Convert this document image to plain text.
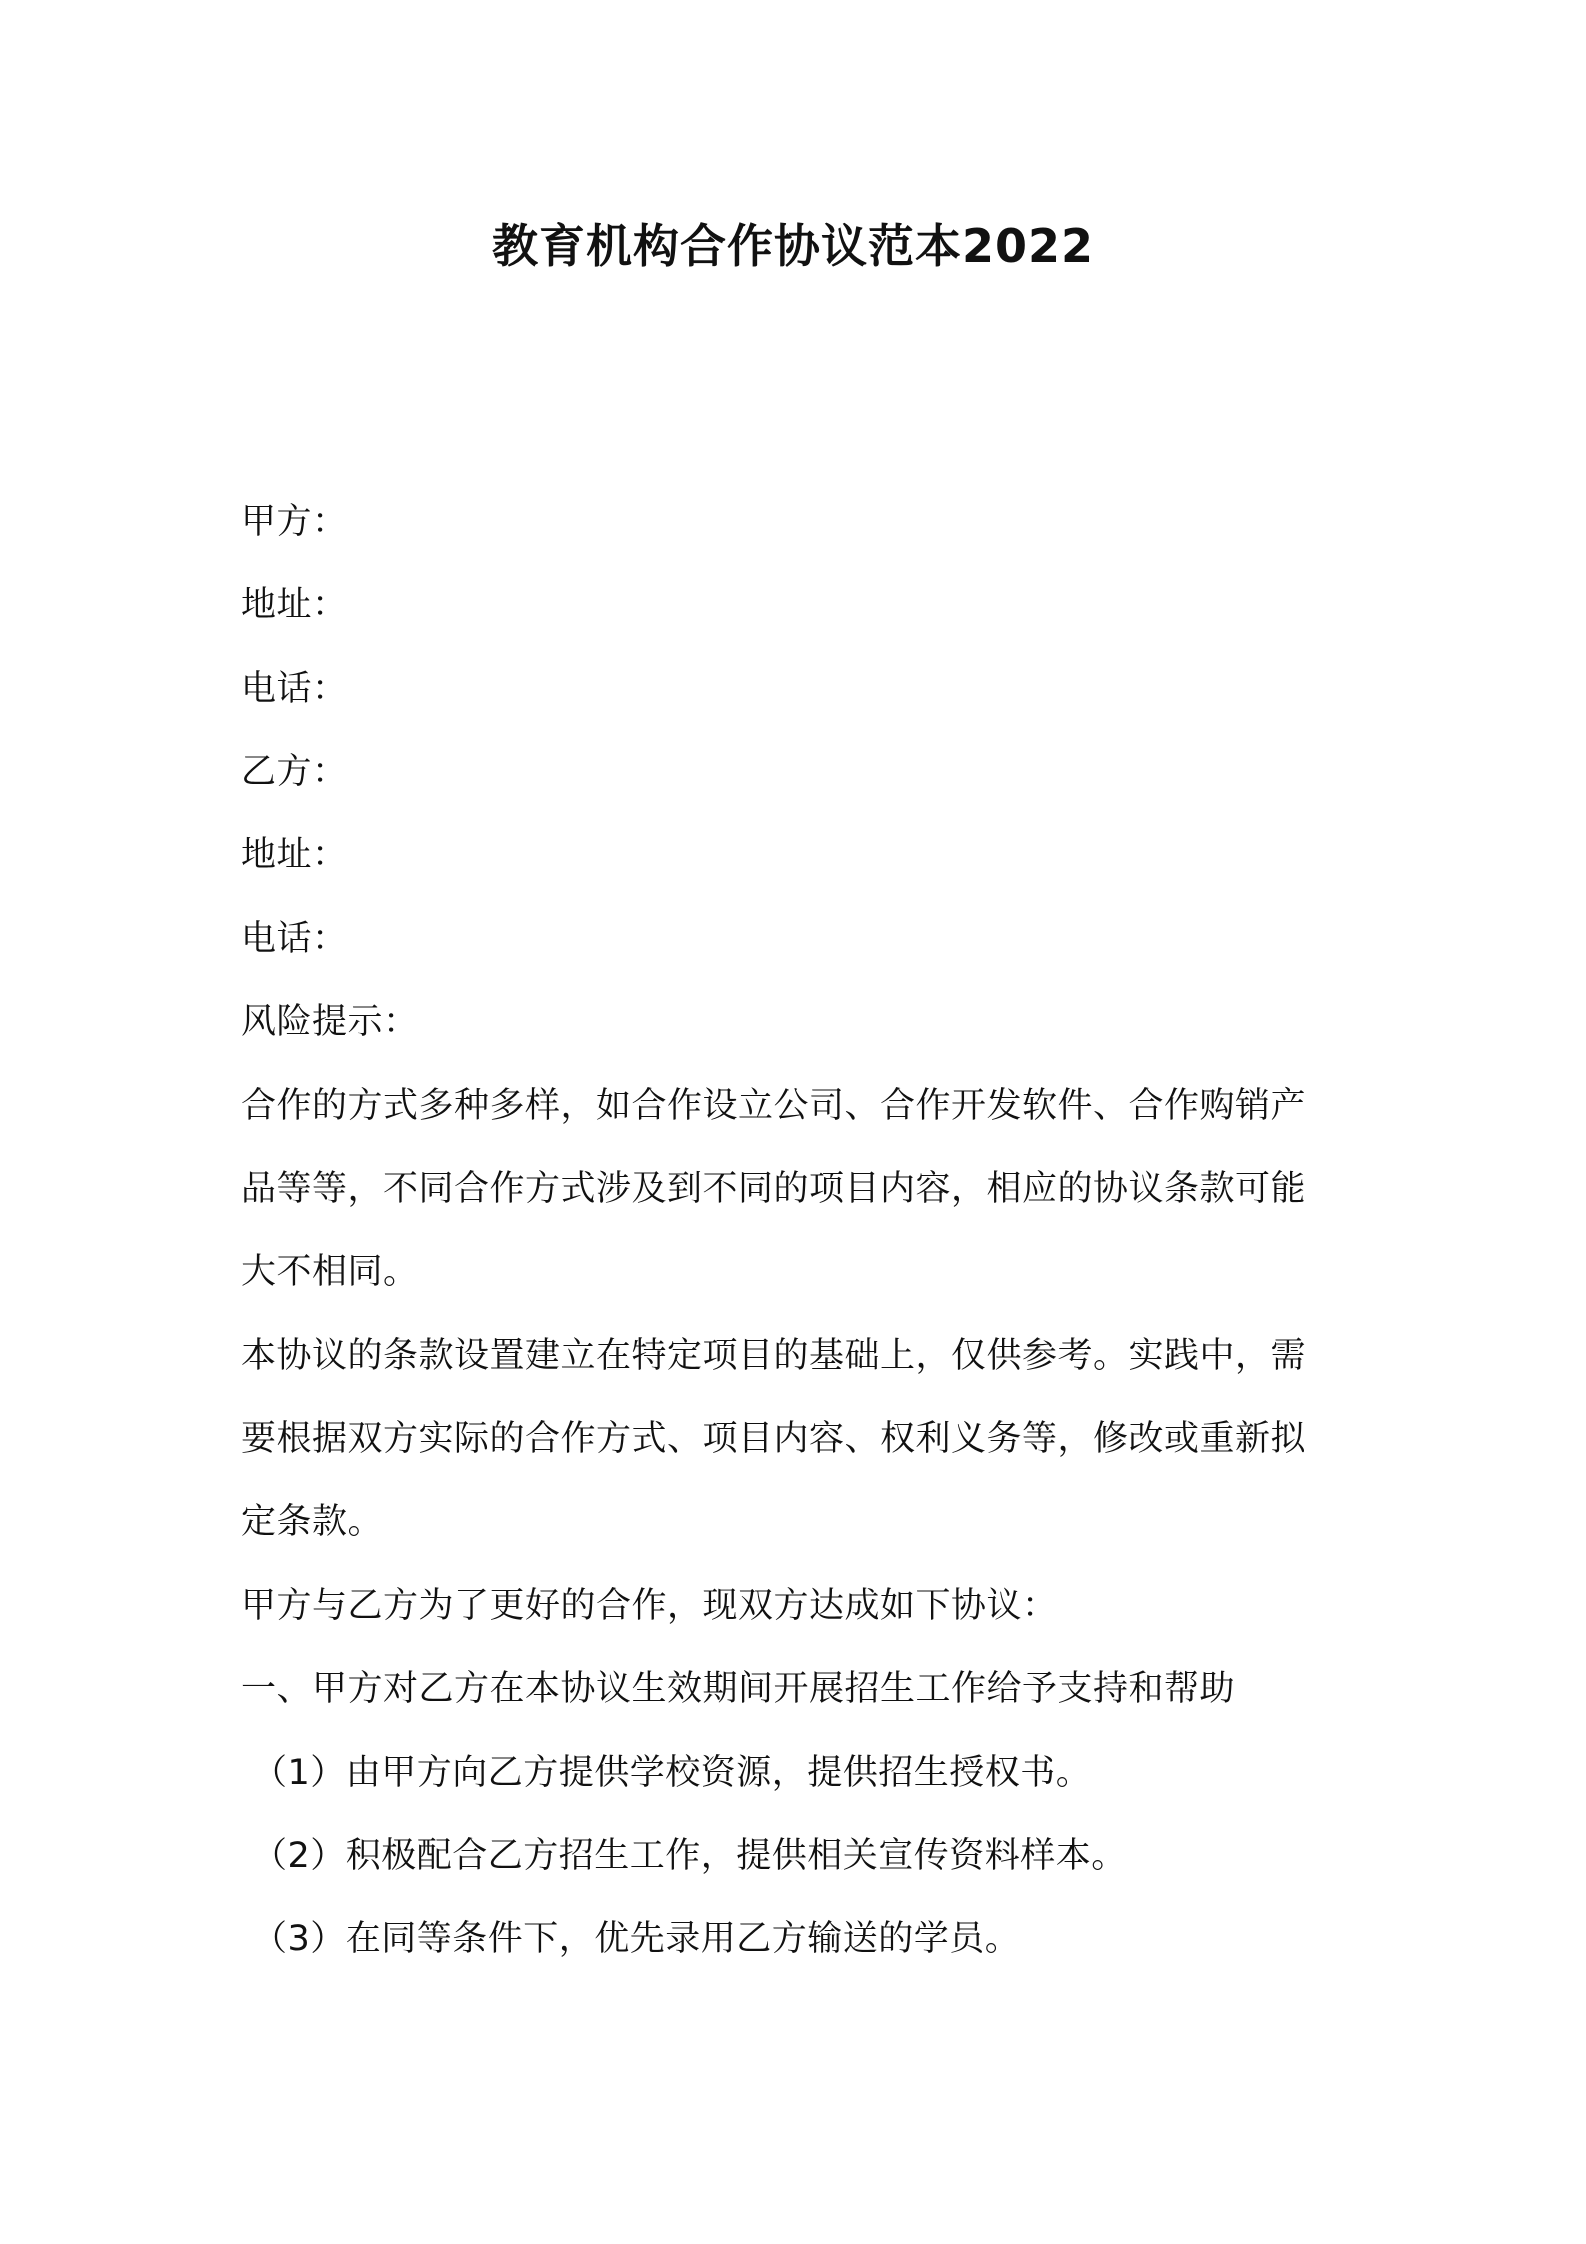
教育机构合作协议范本2022
甲方：
地址：
电话：
乙方：
地址：
电话：
风险提示：
合作的方式多种多样，如合作设立公司、合作开发软件、合作购销产
品等等，不同合作方式涉及到不同的项目内容，相应的协议条款可能
大不相同。
本协议的条款设置建立在特定项目的基础上，仅供参考。实践中，需
要根据双方实际的合作方式、项目内容、权利义务等，修改或重新拟
定条款。
甲方与乙方为了更好的合作，现双方达成如下协议：
一、甲方对乙方在本协议生效期间开展招生工作给予支持和帮助
（1）由甲方向乙方提供学校资源，提供招生授权书。
（2）积极配合乙方招生工作，提供相关宣传资料样本。
（3）在同等条件下，优先录用乙方输送的学员。
